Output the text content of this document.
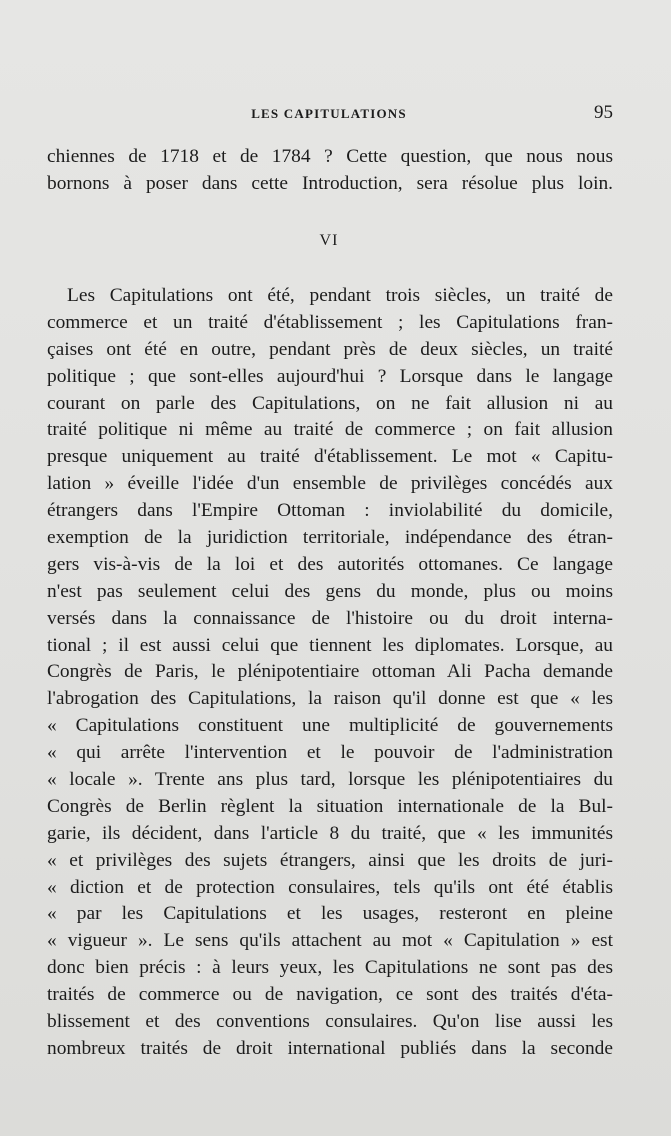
LES CAPITULATIONS	95
chiennes de 1718 et de 1784 ? Cette question, que nous nous
bornons à poser dans cette Introduction, sera résolue plus loin.
VI
Les Capitulations ont été, pendant trois siècles, un traité de
commerce et un traité d'établissement ; les Capitulations fran-
çaises ont été en outre, pendant près de deux siècles, un traité
politique ; que sont-elles aujourd'hui ? Lorsque dans le langage
courant on parle des Capitulations, on ne fait allusion ni au
traité politique ni même au traité de commerce ; on fait allusion
presque uniquement au traité d'établissement. Le mot « Capitu-
lation » éveille l'idée d'un ensemble de privilèges concédés aux
étrangers dans l'Empire Ottoman : inviolabilité du domicile,
exemption de la juridiction territoriale, indépendance des étran-
gers vis-à-vis de la loi et des autorités ottomanes. Ce langage
n'est pas seulement celui des gens du monde, plus ou moins
versés dans la connaissance de l'histoire ou du droit interna-
tional ; il est aussi celui que tiennent les diplomates. Lorsque, au
Congrès de Paris, le plénipotentiaire ottoman Ali Pacha demande
l'abrogation des Capitulations, la raison qu'il donne est que « les
« Capitulations constituent une multiplicité de gouvernements
« qui arrête l'intervention et le pouvoir de l'administration
« locale ». Trente ans plus tard, lorsque les plénipotentiaires du
Congrès de Berlin règlent la situation internationale de la Bul-
garie, ils décident, dans l'article 8 du traité, que « les immunités
« et privilèges des sujets étrangers, ainsi que les droits de juri-
« diction et de protection consulaires, tels qu'ils ont été établis
« par les Capitulations et les usages, resteront en pleine
« vigueur ». Le sens qu'ils attachent au mot « Capitulation » est
donc bien précis : à leurs yeux, les Capitulations ne sont pas des
traités de commerce ou de navigation, ce sont des traités d'éta-
blissement et des conventions consulaires. Qu'on lise aussi les
nombreux traités de droit international publiés dans la seconde
